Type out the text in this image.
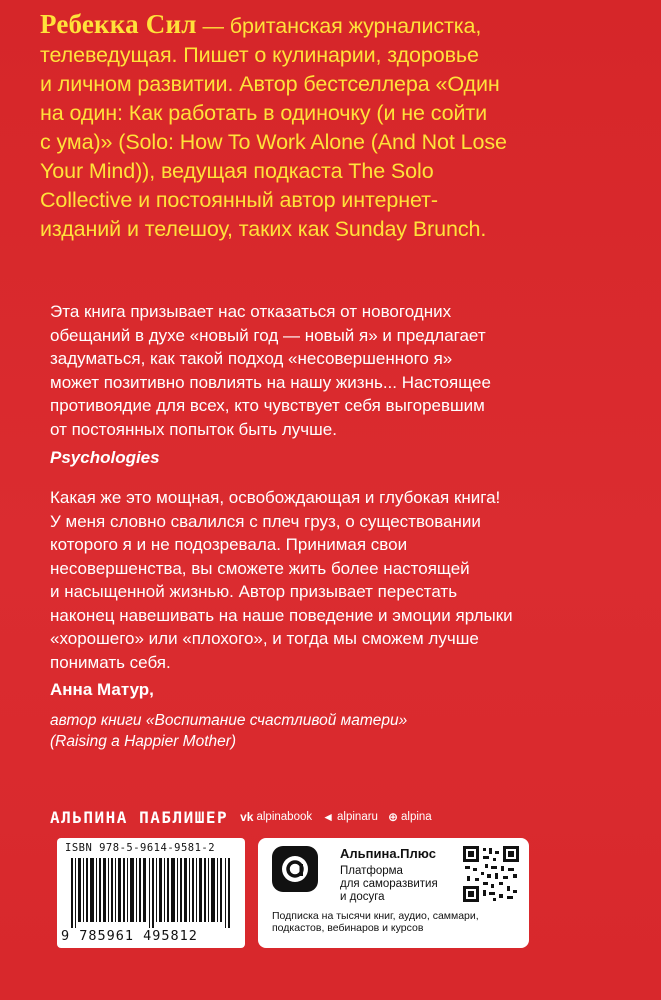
Ребекка Сил — британская журналистка,
телеведущая. Пишет о кулинарии, здоровье
и личном развитии. Автор бестселлера «Один
на один: Как работать в одиночку (и не сойти
с ума)» (Solo: How To Work Alone (And Not Lose
Your Mind)), ведущая подкаста The Solo
Collective и постоянный автор интернет-
изданий и телешоу, таких как Sunday Brunch.
Эта книга призывает нас отказаться от новогодних
обещаний в духе «новый год — новый я» и предлагает
задуматься, как такой подход «несовершенного я»
может позитивно повлиять на нашу жизнь... Настоящее
противоядие для всех, кто чувствует себя выгоревшим
от постоянных попыток быть лучше.
Psychologies
Какая же это мощная, освобождающая и глубокая книга!
У меня словно свалился с плеч груз, о существовании
которого я и не подозревала. Принимая свои
несовершенства, вы сможете жить более настоящей
и насыщенной жизнью. Автор призывает перестать
наконец навешивать на наше поведение и эмоции ярлыки
«хорошего» или «плохого», и тогда мы сможем лучше
понимать себя.
Анна Матур,
автор книги «Воспитание счастливой матери»
(Raising a Happier Mother)
АЛЬПИНА ПАБЛИШЕР vk alpinabook ◄ alpinaru ⊕ alpina
ISBN 978-5-9614-9581-2
9 785961 495812
Альпина.Плюс
Платформа
для саморазвития
и досуга
Подписка на тысячи книг, аудио, саммари,
подкастов, вебинаров и курсов
